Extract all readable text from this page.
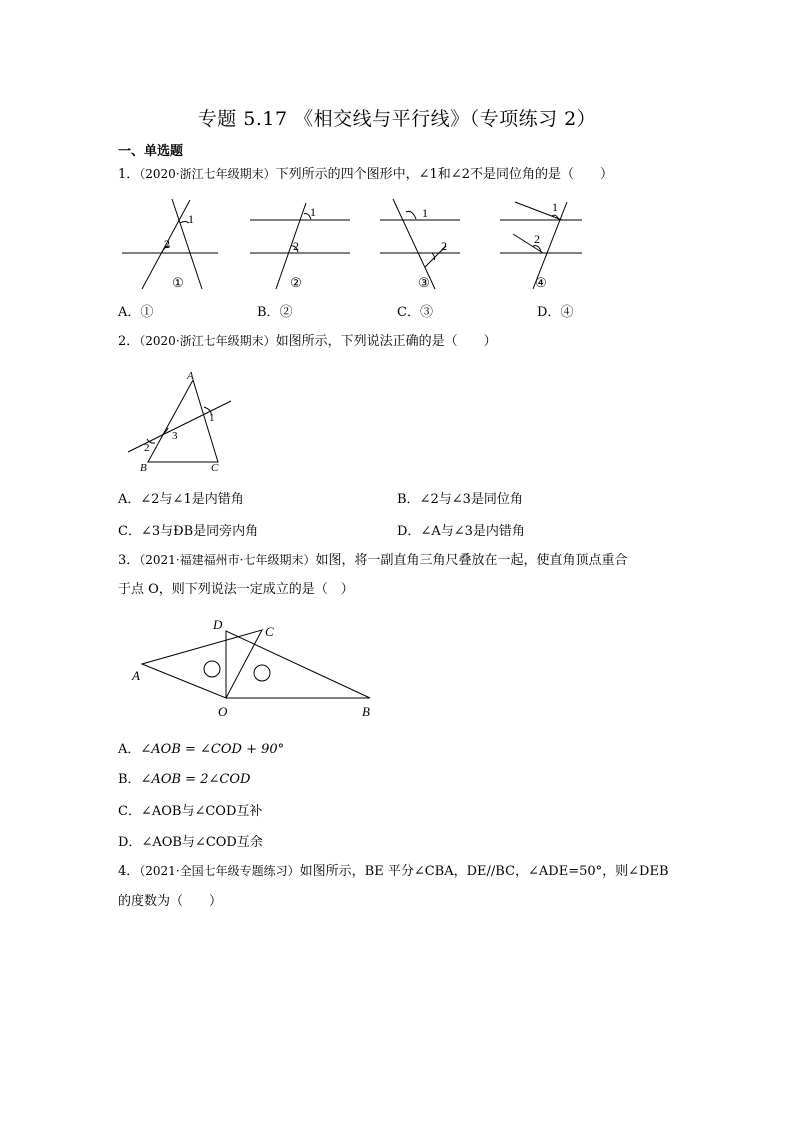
专题 5.17 《相交线与平行线》（专项练习 2）
一、单选题
1．（2020·浙江七年级期末）下列所示的四个图形中，∠1和∠2不是同位角的是（　　）
1
2
1
2
1
2
1
2
①	②	③	④
A．①	B．②	C．③	D．④
2．（2020·浙江七年级期末）如图所示，下列说法正确的是（　　）
A
B	C
1
2
3
A．∠2与∠1是内错角	B．∠2与∠3是同位角
C．∠3与ÐB是同旁内角	D．∠A与∠3是内错角
3．（2021·福建福州市·七年级期末）如图，将一副直角三角尺叠放在一起，使直角顶点重合
于点 O，则下列说法一定成立的是（　）
A
D	C
O	B
A．∠AOB = ∠COD + 90°
B．∠AOB = 2∠COD
C．∠AOB与∠COD互补
D．∠AOB与∠COD互余
4．（2021·全国七年级专题练习）如图所示，BE 平分∠CBA，DE//BC，∠ADE=50°，则∠DEB
的度数为（　　）
